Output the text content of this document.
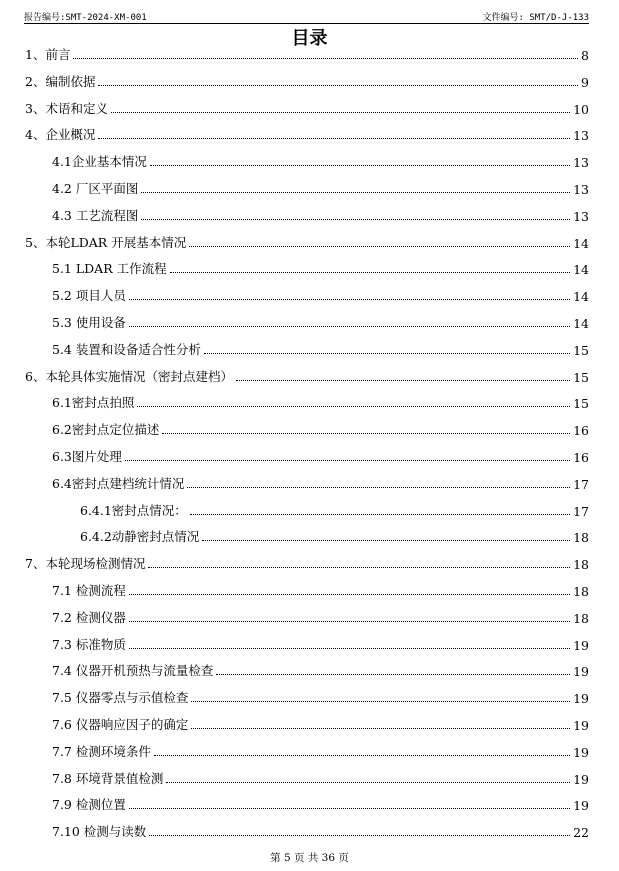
报告编号:SMT-2024-XM-001	文件编号: SMT/D-J-133
目录
1、前言	8
2、编制依据	9
3、术语和定义	10
4、企业概况	13
4.1企业基本情况	13
4.2 厂区平面图	13
4.3 工艺流程图	13
5、本轮LDAR 开展基本情况	14
5.1 LDAR 工作流程	14
5.2 项目人员	14
5.3 使用设备	14
5.4 装置和设备适合性分析	15
6、本轮具体实施情况（密封点建档）	15
6.1密封点拍照	15
6.2密封点定位描述	16
6.3图片处理	16
6.4密封点建档统计情况	17
6.4.1密封点情况：	17
6.4.2动静密封点情况	18
7、本轮现场检测情况	18
7.1 检测流程	18
7.2 检测仪器	18
7.3 标准物质	19
7.4 仪器开机预热与流量检查	19
7.5 仪器零点与示值检查	19
7.6 仪器响应因子的确定	19
7.7 检测环境条件	19
7.8 环境背景值检测	19
7.9 检测位置	19
7.10 检测与读数	22
第 5 页 共 36 页
